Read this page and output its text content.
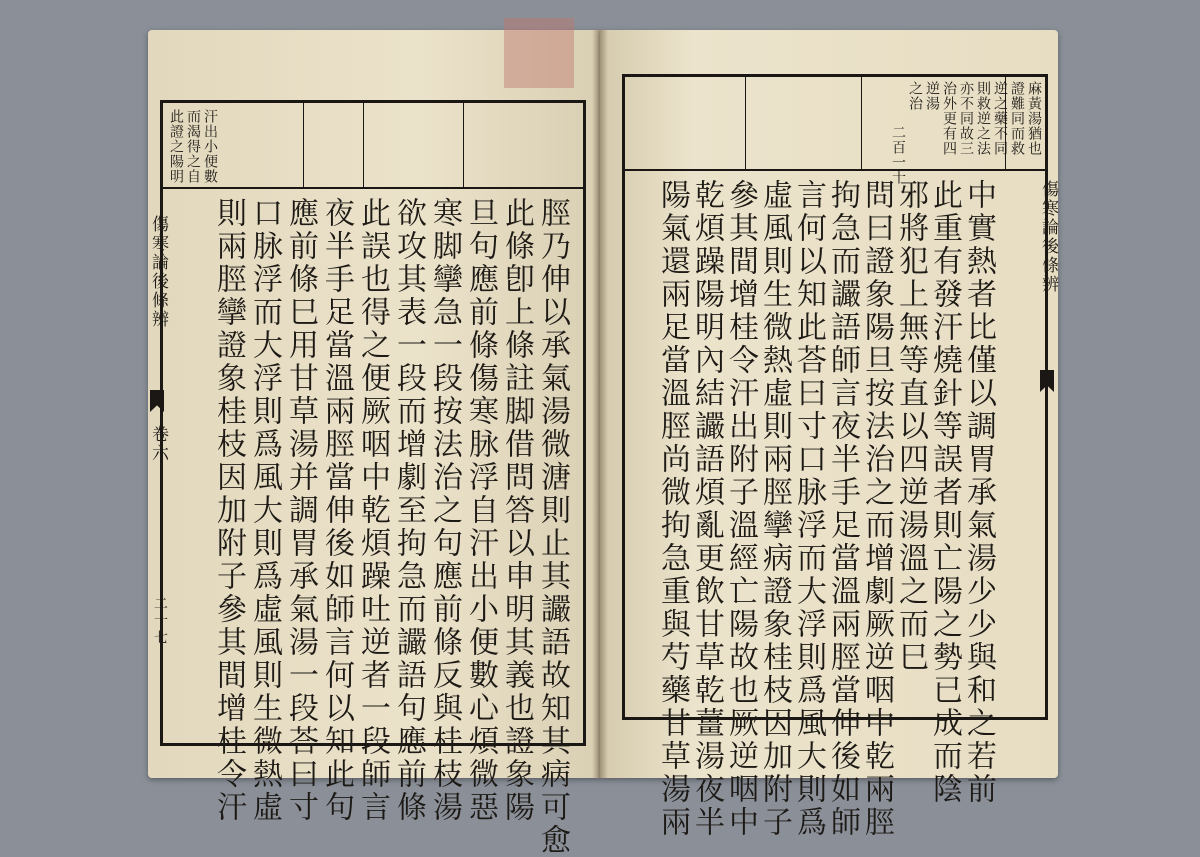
此證之陽明 而渴得之自 汗出小便數
脛乃伸以承氣湯微溏則止其讝語故知其病可愈
此條卽上條註脚借問答以申明其義也證象陽
旦句應前條傷寒脉浮自汗出小便數心煩微惡
寒脚攣急一段按法治之句應前條反與桂枝湯
欲攻其表一段而增劇至拘急而讝語句應前條
此誤也得之便厥咽中乾煩躁吐逆者一段師言
夜半手足當溫兩脛當伸後如師言何以知此句
應前條巳用甘草湯并調胃承氣湯一段荅曰寸
口脉浮而大浮則爲風大則爲虛風則生微熱虛
則兩脛攣證象桂枝因加附子參其間增桂令汗
傷寒論後條辨
卷六
二十七
麻黃湯猶也
證難同而救
逆之藥不同
則救逆之法
亦不同故三
治外更有四
逆湯
之治
二百一十
中實熱者比僅以調胃承氣湯少少與和之若前
此重有發汗燒針等誤者則亡陽之勢已成而陰
邪將犯上無等直以四逆湯溫之而巳
問曰證象陽旦按法治之而增劇厥逆咽中乾兩脛
拘急而讝語師言夜半手足當溫兩脛當伸後如師
言何以知此荅曰寸口脉浮而大浮則爲風大則爲
虛風則生微熱虛則兩脛攣病證象桂枝因加附子
參其間增桂令汗出附子溫經亡陽故也厥逆咽中
乾煩躁陽明內結讝語煩亂更飲甘草乾薑湯夜半
陽氣還兩足當溫脛尚微拘急重與芍藥甘草湯兩	傷寒論後條辨
